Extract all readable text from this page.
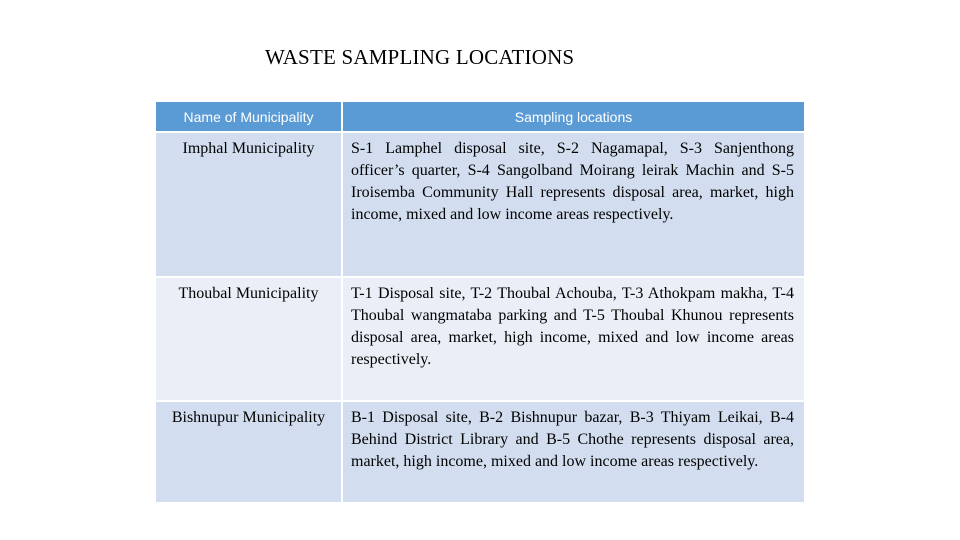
WASTE SAMPLING LOCATIONS
Name of Municipality	Sampling locations
Imphal Municipality	S-1 Lamphel disposal site, S-2 Nagamapal, S-3 Sanjenthong officer’s quarter, S-4 Sangolband Moirang leirak Machin and S-5 Iroisemba Community Hall represents disposal area, market, high income, mixed and low income areas respectively.
Thoubal Municipality	T-1 Disposal site, T-2 Thoubal Achouba, T-3 Athokpam makha, T-4 Thoubal wangmataba parking and T-5 Thoubal Khunou represents disposal area, market, high income, mixed and low income areas respectively.
Bishnupur Municipality	B-1 Disposal site, B-2 Bishnupur bazar, B-3 Thiyam Leikai, B-4 Behind District Library and B-5 Chothe represents disposal area, market, high income, mixed and low income areas respectively.
